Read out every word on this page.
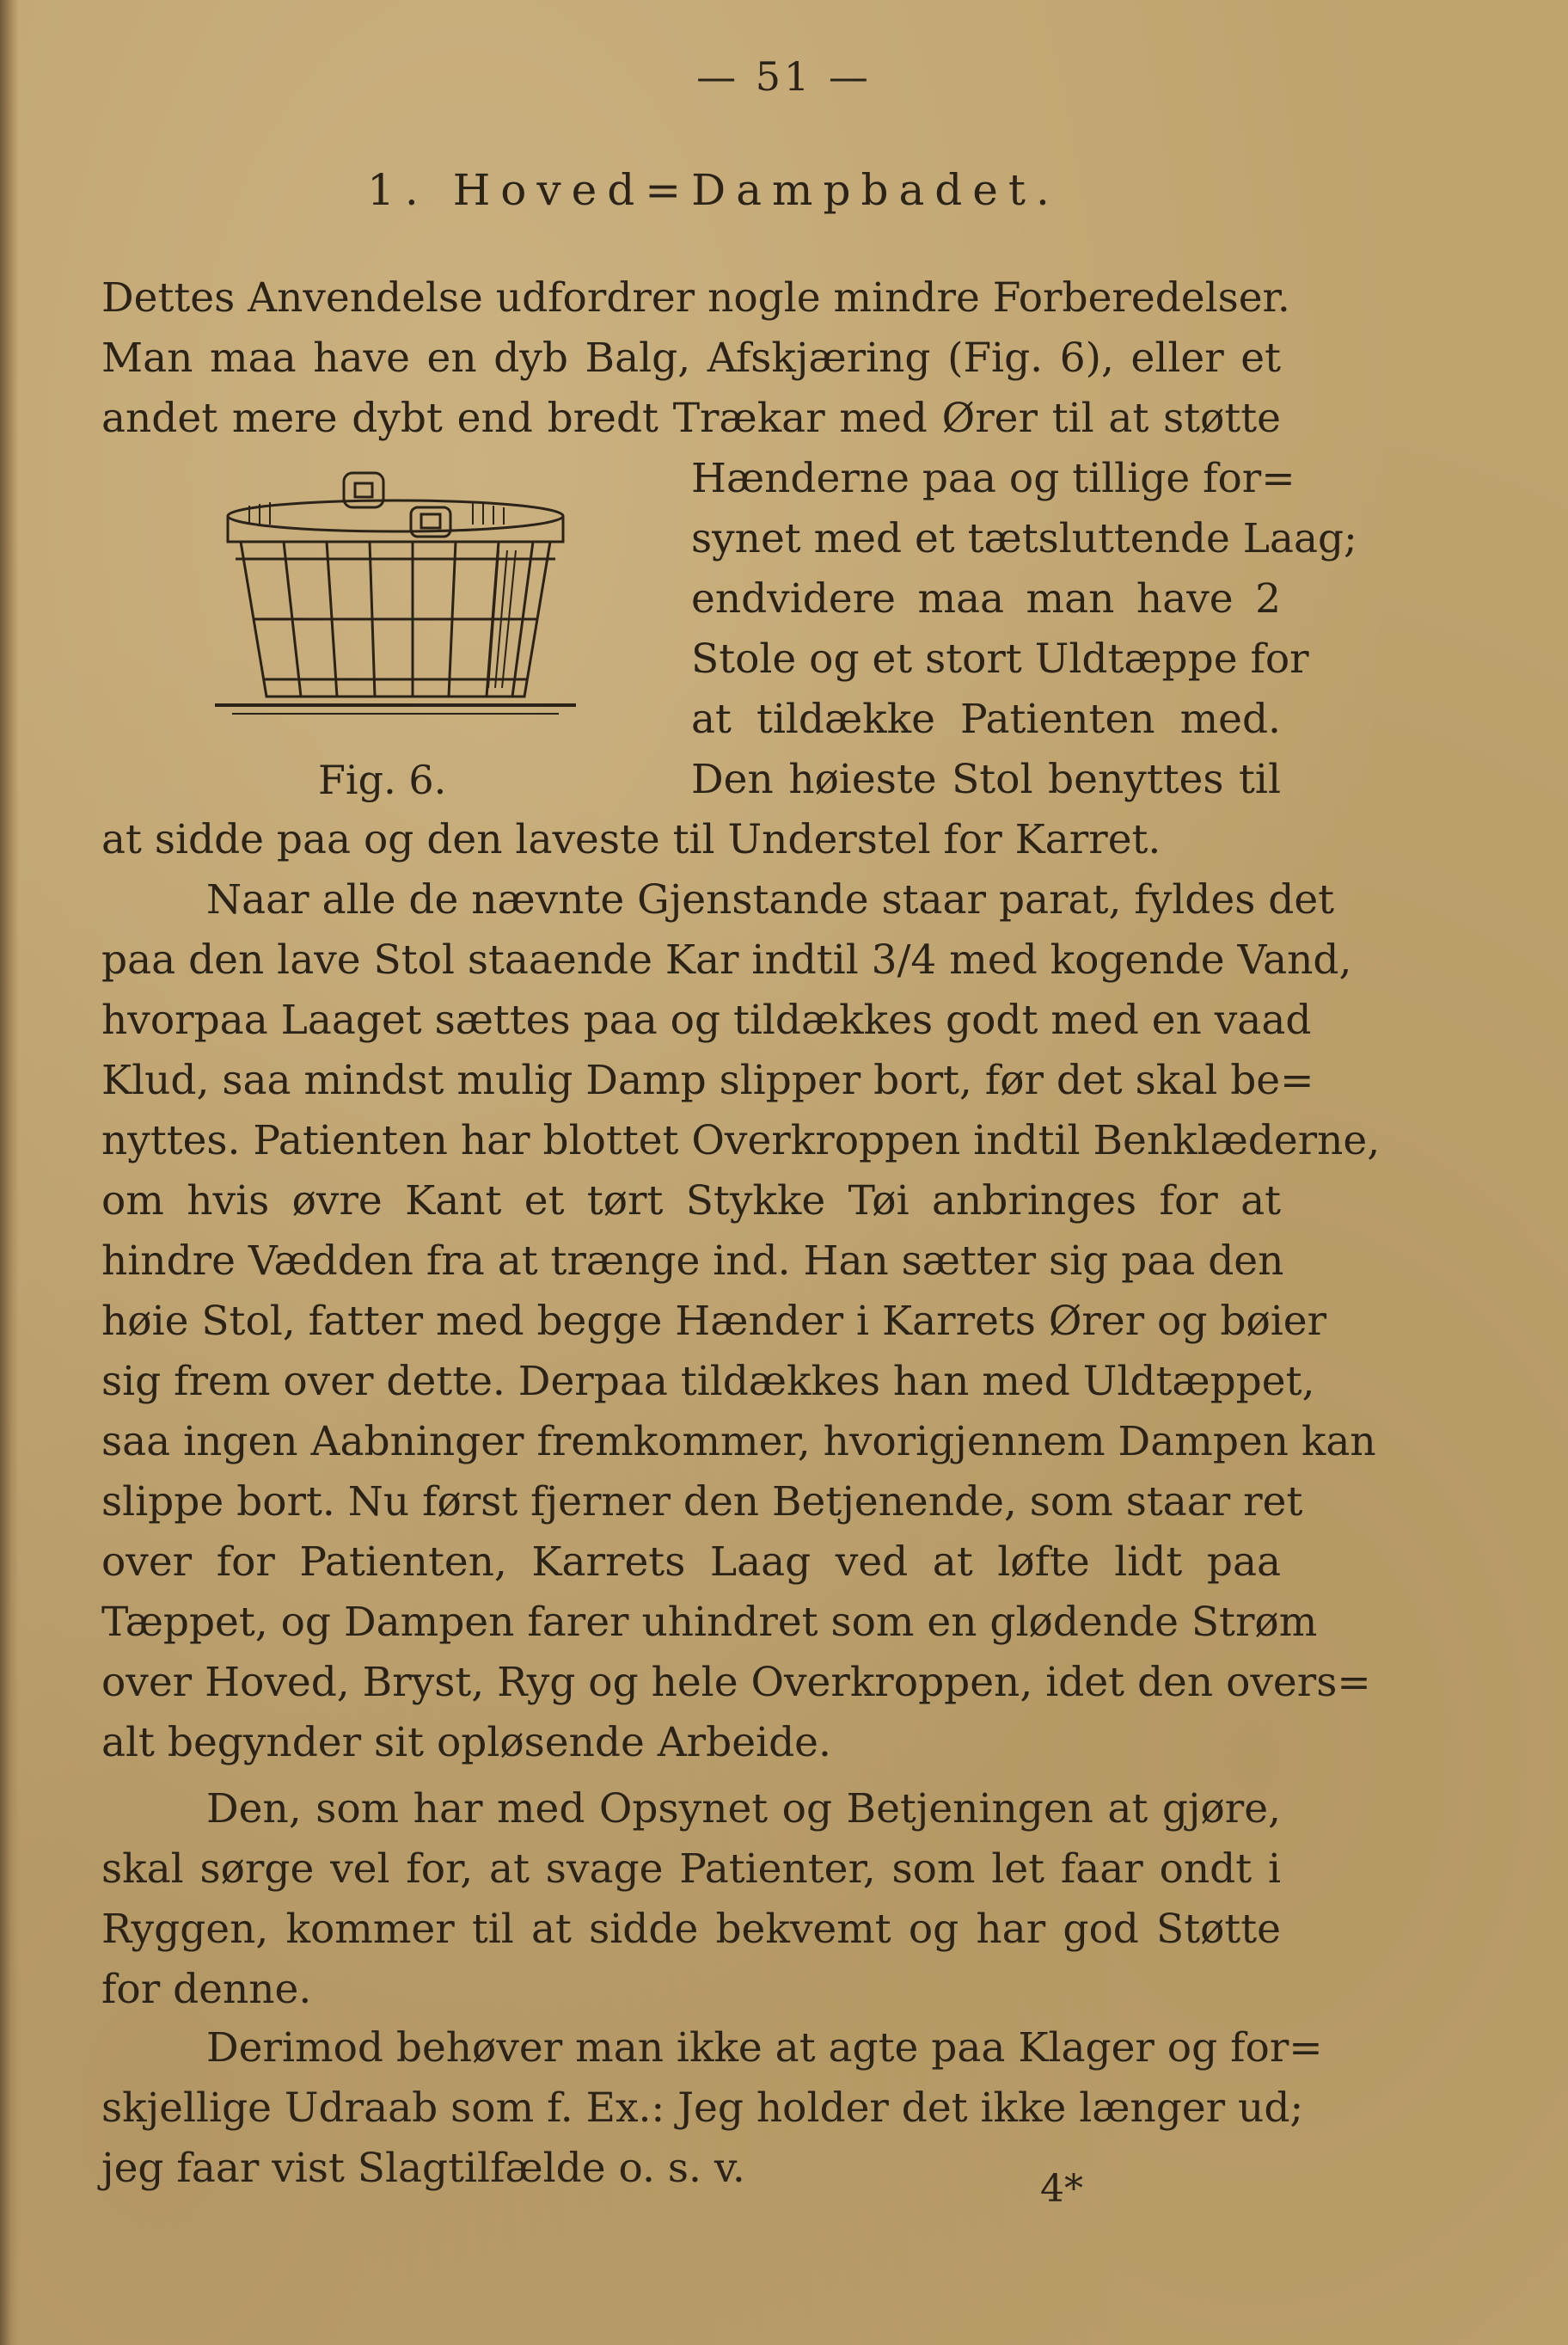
— 51 —
1. Hoved=Dampbadet.
Fig. 6.
Dettes Anvendelse udfordrer nogle mindre Forberedelser.
Man maa have en dyb Balg, Afskjæring (Fig. 6), eller et
andet mere dybt end bredt Trækar med Ører til at støtte
Hænderne paa og tillige for=
synet med et tætsluttende Laag;
endvidere maa man have 2
Stole og et stort Uldtæppe for
at tildække Patienten med.
Den høieste Stol benyttes til
at sidde paa og den laveste til Understel for Karret.
Naar alle de nævnte Gjenstande staar parat, fyldes det
paa den lave Stol staaende Kar indtil 3/4 med kogende Vand,
hvorpaa Laaget sættes paa og tildækkes godt med en vaad
Klud, saa mindst mulig Damp slipper bort, før det skal be=
nyttes. Patienten har blottet Overkroppen indtil Benklæderne,
om hvis øvre Kant et tørt Stykke Tøi anbringes for at
hindre Vædden fra at trænge ind. Han sætter sig paa den
høie Stol, fatter med begge Hænder i Karrets Ører og bøier
sig frem over dette. Derpaa tildækkes han med Uldtæppet,
saa ingen Aabninger fremkommer, hvorigjennem Dampen kan
slippe bort. Nu først fjerner den Betjenende, som staar ret
over for Patienten, Karrets Laag ved at løfte lidt paa
Tæppet, og Dampen farer uhindret som en glødende Strøm
over Hoved, Bryst, Ryg og hele Overkroppen, idet den overs=
alt begynder sit opløsende Arbeide.
Den, som har med Opsynet og Betjeningen at gjøre,
skal sørge vel for, at svage Patienter, som let faar ondt i
Ryggen, kommer til at sidde bekvemt og har god Støtte
for denne.
Derimod behøver man ikke at agte paa Klager og for=
skjellige Udraab som f. Ex.: Jeg holder det ikke længer ud;
jeg faar vist Slagtilfælde o. s. v.	4*
